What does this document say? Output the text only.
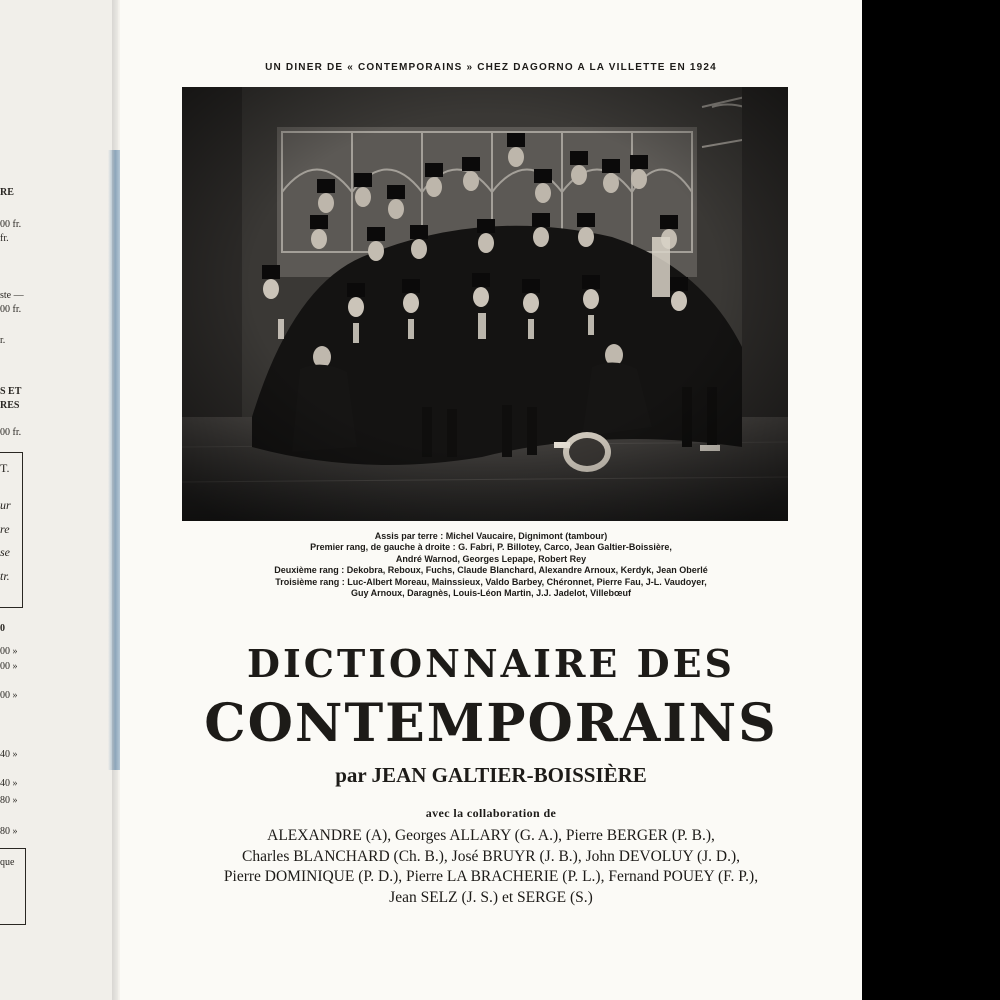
RE
00 fr.
fr.
ste —
00 fr.
r.
S ET
RES
00 fr.
T.
ur
re
se
tr.
0
00 »
00 »
00 »
40 »
40 »
80 »
80 »
que
UN DINER DE « CONTEMPORAINS » CHEZ DAGORNO A LA VILLETTE EN 1924
Assis par terre : Michel Vaucaire, Dignimont (tambour)
Premier rang, de gauche à droite : G. Fabri, P. Billotey, Carco, Jean Galtier-Boissière,
André Warnod, Georges Lepape, Robert Rey
Deuxième rang : Dekobra, Reboux, Fuchs, Claude Blanchard, Alexandre Arnoux, Kerdyk, Jean Oberlé
Troisième rang : Luc-Albert Moreau, Mainssieux, Valdo Barbey, Chéronnet, Pierre Fau, J-L. Vaudoyer,
Guy Arnoux, Daragnès, Louis-Léon Martin, J.J. Jadelot, Villebœuf
DICTIONNAIRE DES
CONTEMPORAINS
par JEAN GALTIER-BOISSIÈRE
avec la collaboration de
ALEXANDRE (A), Georges ALLARY (G. A.), Pierre BERGER (P. B.),
Charles BLANCHARD (Ch. B.), José BRUYR (J. B.), John DEVOLUY (J. D.),
Pierre DOMINIQUE (P. D.), Pierre LA BRACHERIE (P. L.), Fernand POUEY (F. P.),
Jean SELZ (J. S.) et SERGE (S.)
